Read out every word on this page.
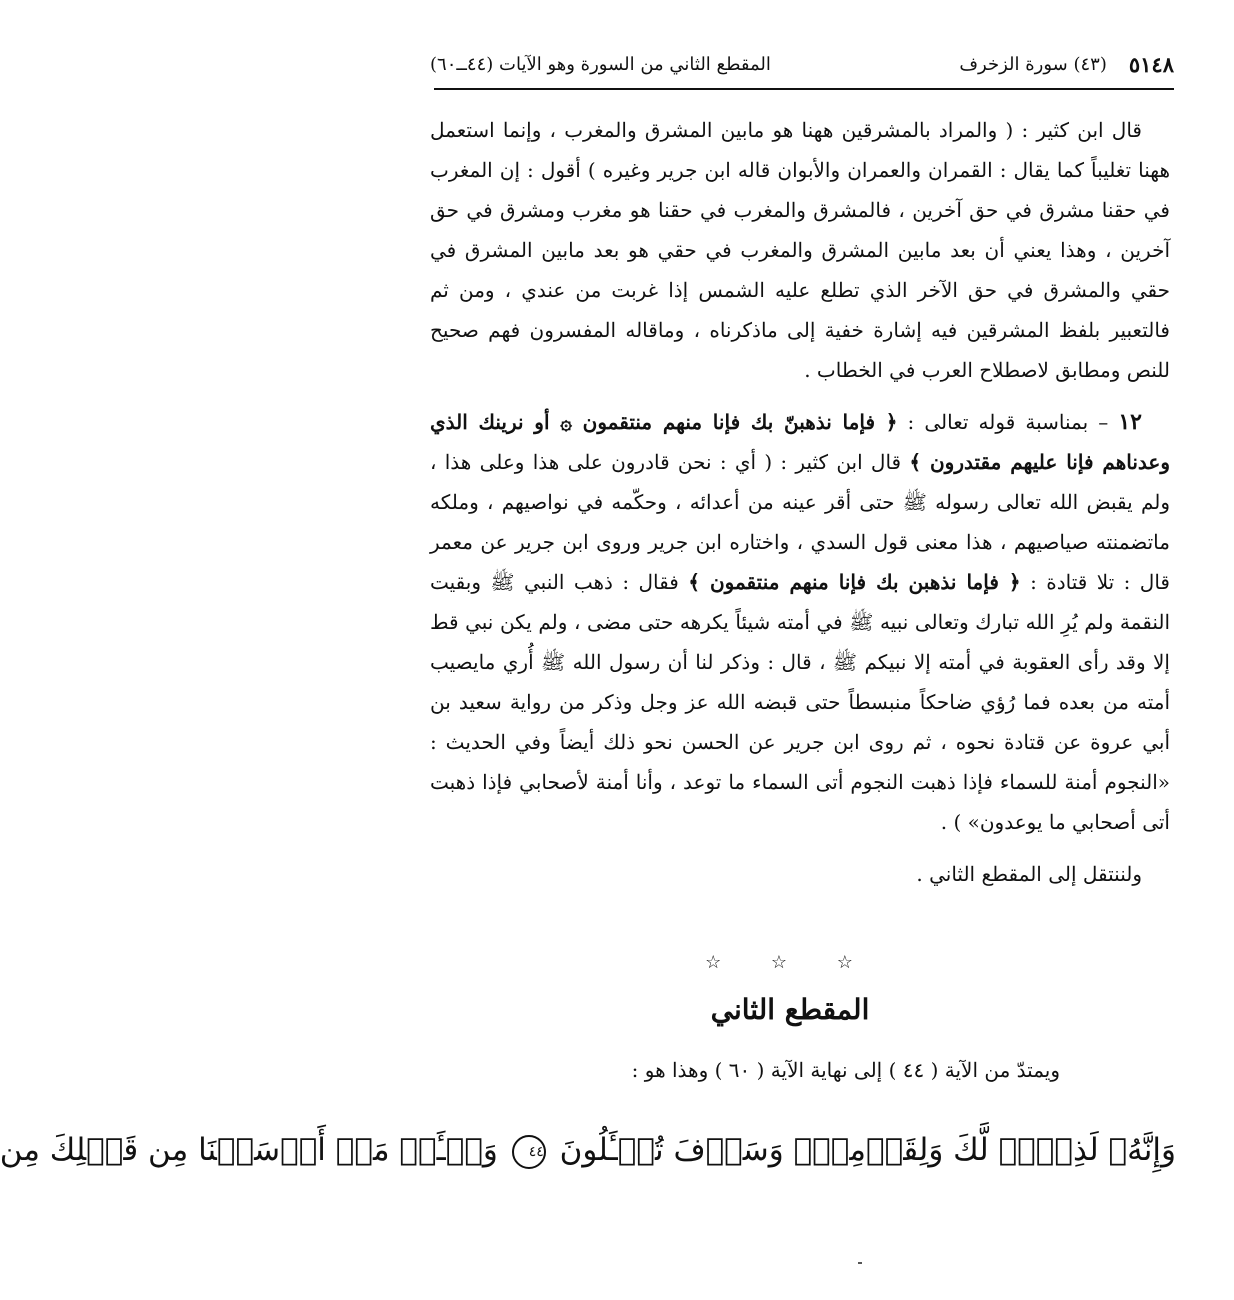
٥١٤٨
(٤٣) سورة الزخرف
المقطع الثاني من السورة وهو الآيات (٤٤ــ٦٠)

قال ابن كثير : ( والمراد بالمشرقين ههنا هو مابين المشرق والمغرب ، وإنما استعمل ههنا تغليباً كما يقال : القمران والعمران والأبوان قاله ابن جرير وغيره ) أقول : إن المغرب في حقنا مشرق في حق آخرين ، فالمشرق والمغرب في حقنا هو مغرب ومشرق في حق آخرين ، وهذا يعني أن بعد مابين المشرق والمغرب في حقي هو بعد مابين المشرق في حقي والمشرق في حق الآخر الذي تطلع عليه الشمس إذا غربت من عندي ، ومن ثم فالتعبير بلفظ المشرقين فيه إشارة خفية إلى ماذكرناه ، وماقاله المفسرون فهم صحيح للنص ومطابق لاصطلاح العرب في الخطاب .

١٢ – بمناسبة قوله تعالى : ﴿ فإما نذهبنّ بك فإنا منهم منتقمون ۞ أو نرينك الذي وعدناهم فإنا عليهم مقتدرون ﴾ قال ابن كثير : ( أي : نحن قادرون على هذا وعلى هذا ، ولم يقبض الله تعالى رسوله ﷺ حتى أقر عينه من أعدائه ، وحكّمه في نواصيهم ، وملكه ماتضمنته صياصيهم ، هذا معنى قول السدي ، واختاره ابن جرير وروى ابن جرير عن معمر قال : تلا قتادة : ﴿ فإما نذهبن بك فإنا منهم منتقمون ﴾ فقال : ذهب النبي ﷺ وبقيت النقمة ولم يُرِ الله تبارك وتعالى نبيه ﷺ في أمته شيئاً يكرهه حتى مضى ، ولم يكن نبي قط إلا وقد رأى العقوبة في أمته إلا نبيكم ﷺ ، قال : وذكر لنا أن رسول الله ﷺ أُري مايصيب أمته من بعده فما رُؤي ضاحكاً منبسطاً حتى قبضه الله عز وجل وذكر من رواية سعيد بن أبي عروة عن قتادة نحوه ، ثم روى ابن جرير عن الحسن نحو ذلك أيضاً وفي الحديث : «النجوم أمنة للسماء فإذا ذهبت النجوم أتى السماء ما توعد ، وأنا أمنة لأصحابي فإذا ذهبت أتى أصحابي ما يوعدون» ) .

ولننتقل إلى المقطع الثاني .

☆ ☆ ☆
المقطع الثاني
ويمتدّ من الآية ( ٤٤ ) إلى نهاية الآية ( ٦٠ ) وهذا هو :
وَإِنَّهُۥ لَذِكۡرٞ لَّكَ وَلِقَوۡمِكَۖ وَسَوۡفَ تُسۡـَٔلُونَ ٤٤ وَسۡـَٔلۡ مَنۡ أَرۡسَلۡنَا مِن قَبۡلِكَ مِن
